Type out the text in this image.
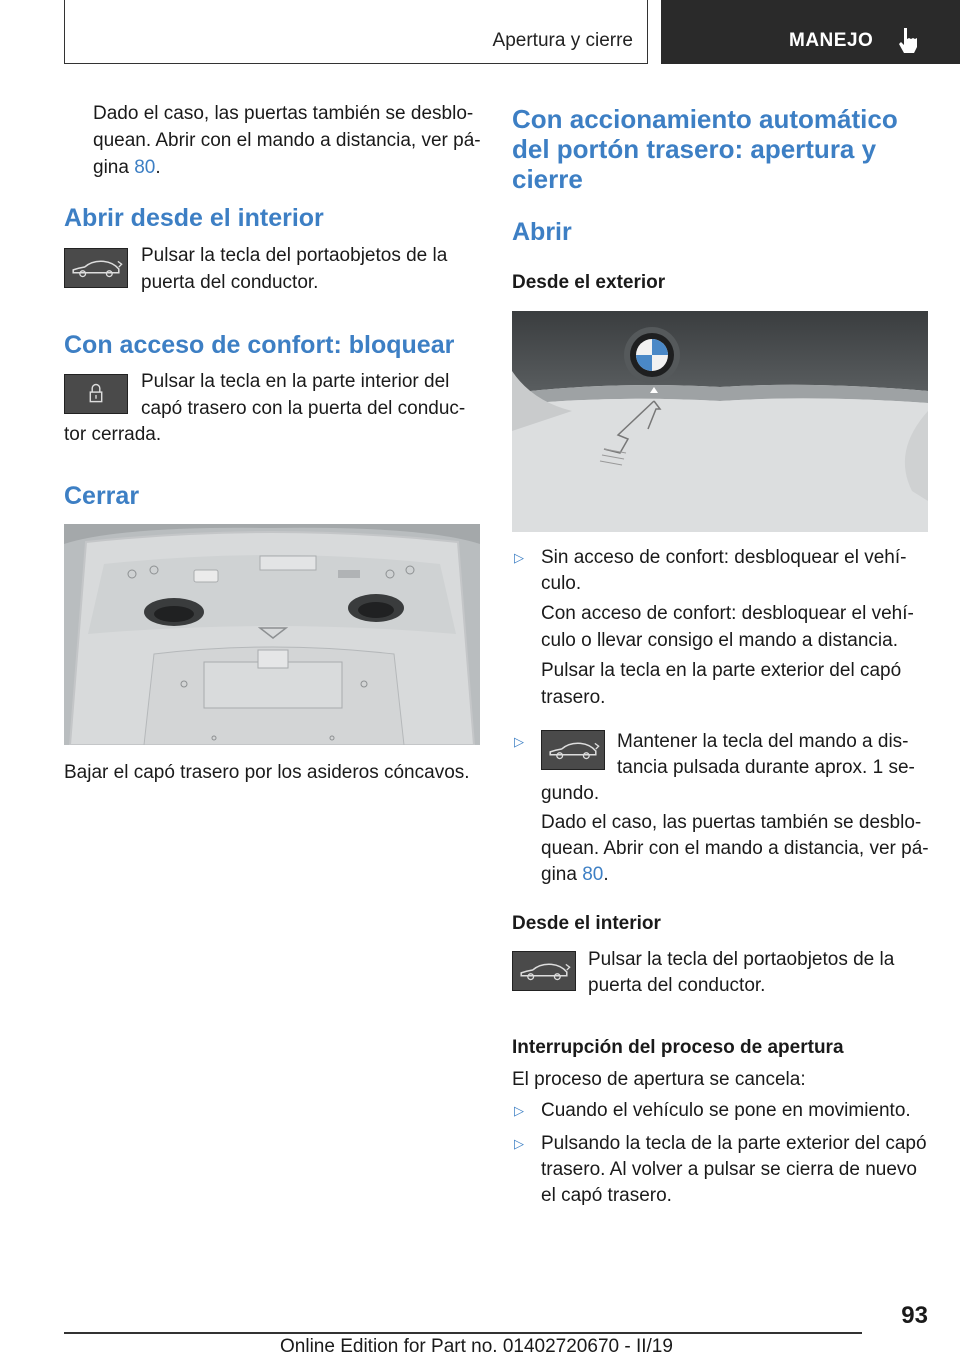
Apertura y cierre	MANEJO
Dado el caso, las puertas también se desblo-
quean. Abrir con el mando a distancia, ver pá-
gina 80.
Abrir desde el interior
Pulsar la tecla del portaobjetos de la
puerta del conductor.
Con acceso de confort: bloquear
Pulsar la tecla en la parte interior del
capó trasero con la puerta del conduc-
tor cerrada.
Cerrar
Bajar el capó trasero por los asideros cóncavos.
Con accionamiento automático
del portón trasero: apertura y
cierre
Abrir
Desde el exterior
▷ Sin acceso de confort: desbloquear el vehí-
culo.
Con acceso de confort: desbloquear el vehí-
culo o llevar consigo el mando a distancia.
Pulsar la tecla en la parte exterior del capó
trasero.
▷	Mantener la tecla del mando a dis-
tancia pulsada durante aprox. 1 se-
gundo.
Dado el caso, las puertas también se desblo-
quean. Abrir con el mando a distancia, ver pá-
gina 80.
Desde el interior
Pulsar la tecla del portaobjetos de la
puerta del conductor.
Interrupción del proceso de apertura
El proceso de apertura se cancela:
▷ Cuando el vehículo se pone en movimiento.
▷ Pulsando la tecla de la parte exterior del capó
trasero. Al volver a pulsar se cierra de nuevo
el capó trasero.
93
Online Edition for Part no. 01402720670 - II/19
